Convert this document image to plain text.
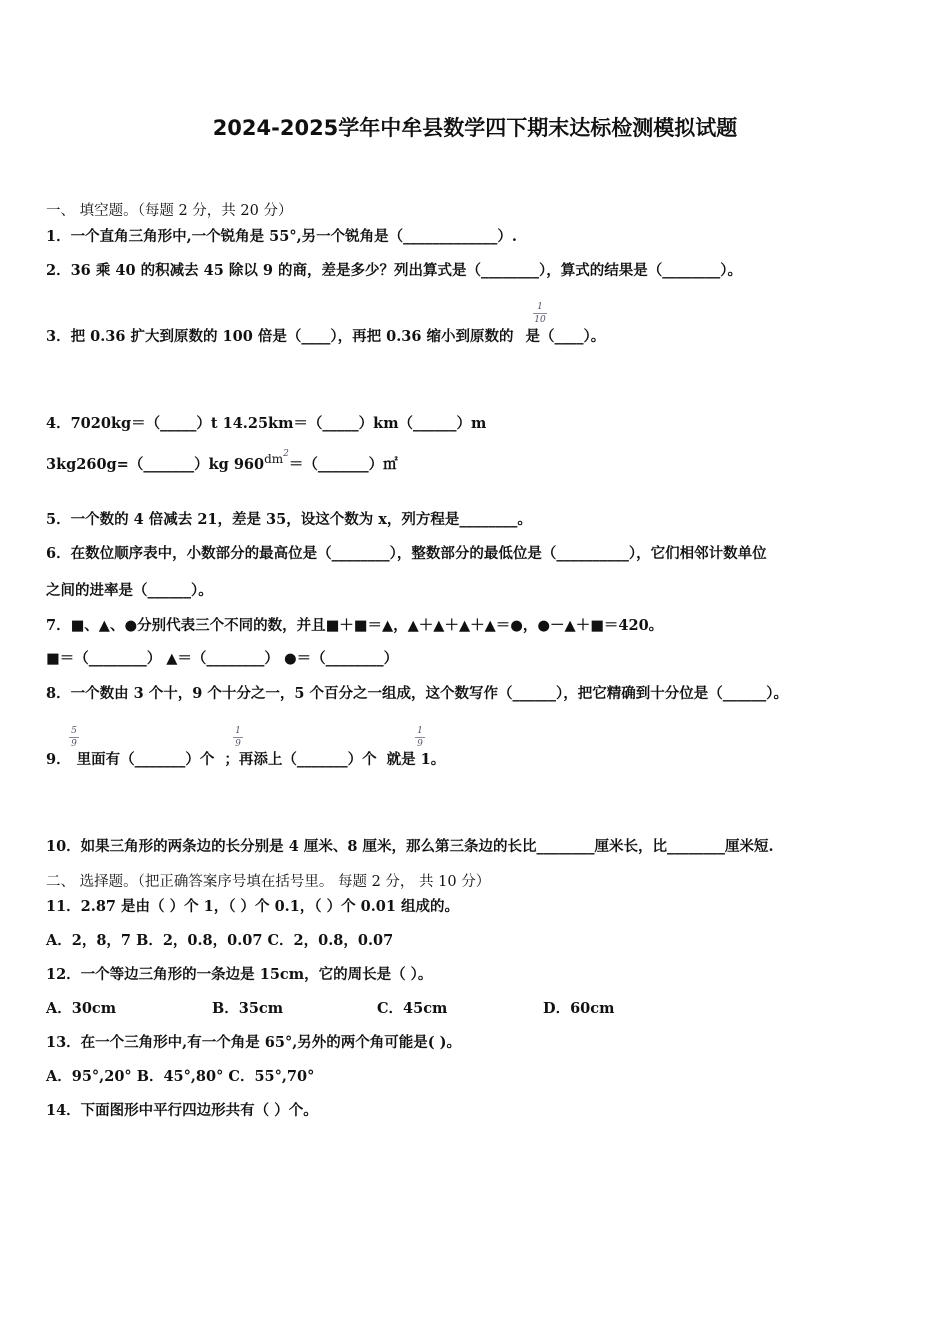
2024-2025学年中牟县数学四下期末达标检测模拟试题
一、 填空题。（每题 2 分，共 20 分）
1．一个直角三角形中,一个锐角是 55°,另一个锐角是（_____________）.
2．36 乘 40 的积减去 45 除以 9 的商，差是多少？列出算式是（________），算式的结果是（________）。
3．把 0.36 扩大到原数的 100 倍是（____），再把 0.36 缩小到原数的 是（____）。
1
10
4．7020kg＝（_____）t 14.25km＝（_____）km（______）m
3kg260g=（_______）kg $960^{dm2}=(\_\_\_\_\_\_\_)㎡$
5．一个数的 4 倍减去 21，差是 35，设这个数为 x，列方程是________。
6．在数位顺序表中，小数部分的最高位是（________），整数部分的最低位是（__________），它们相邻计数单位
之间的进率是（______）。
7．■、▲、●分别代表三个不同的数，并且■＋■＝▲，▲＋▲＋▲＋▲＝●，●－▲＋■＝420。
■＝（________） ▲＝（________） ●＝（________）
8．一个数由 3 个十，9 个十分之一，5 个百分之一组成，这个数写作（______），把它精确到十分位是（______）。
9． 里面有（_______）个 ；再添上（_______）个 就是 1。
5
9
1
9
1
9
10．如果三角形的两条边的长分别是 4 厘米、8 厘米，那么第三条边的长比________厘米长，比________厘米短.
二、 选择题。（把正确答案序号填在括号里。 每题 2 分， 共 10 分）
11．2.87 是由（ ）个 1，（ ）个 0.1，（ ）个 0.01 组成的。
A．2，8，7 B．2，0.8，0.07 C．2，0.8，0.07
12．一个等边三角形的一条边是 15cm，它的周长是（ ）。
A．30cm	B．35cm	C．45cm	D．60cm
13．在一个三角形中,有一个角是 65°,另外的两个角可能是( )。
A．95°,20° B．45°,80° C．55°,70°
14．下面图形中平行四边形共有（ ）个。
